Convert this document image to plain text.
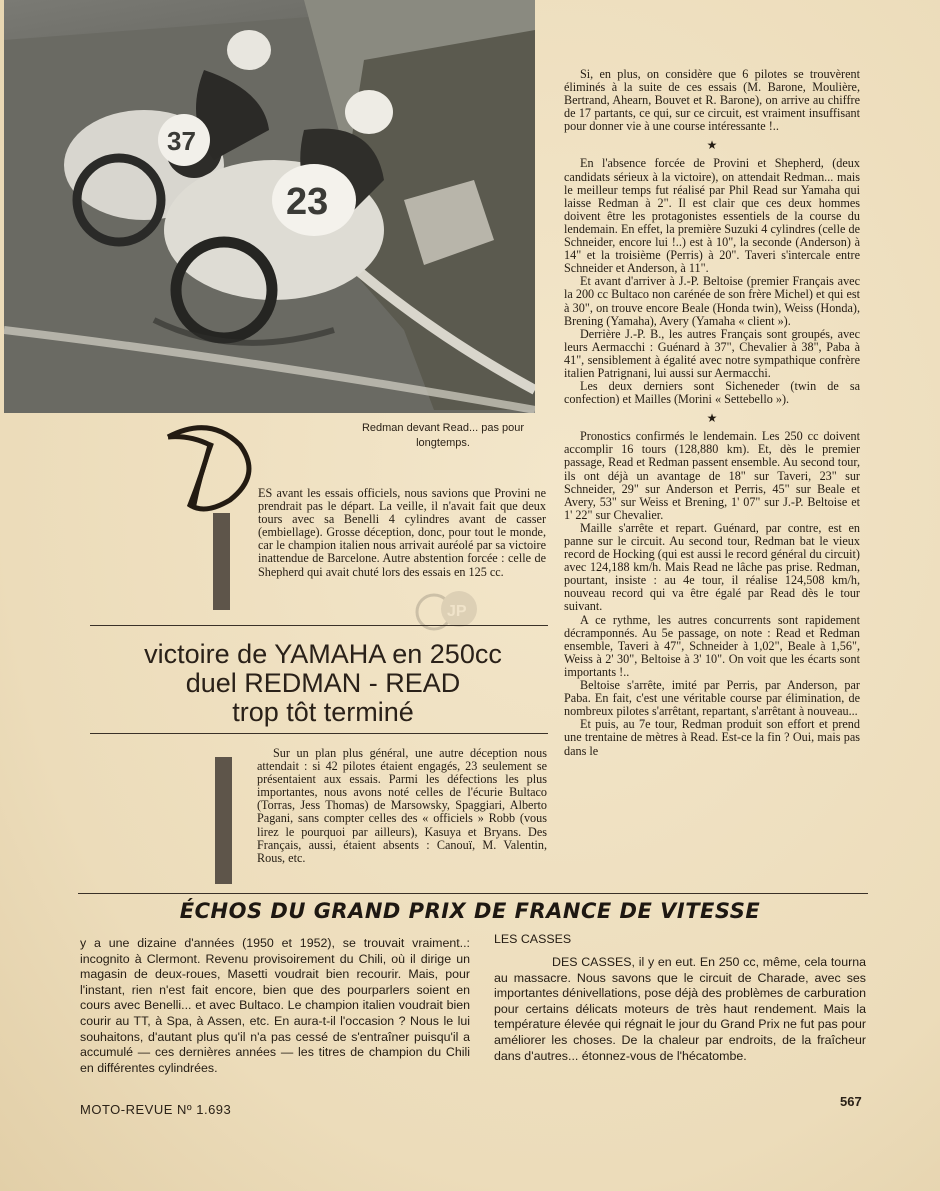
37
23
Redman devant Read... pas pour longtemps.
D

ES avant les essais officiels, nous savions que Provini ne prendrait pas le départ. La veille, il n'avait fait que deux tours avec sa Benelli 4 cylindres avant de casser (embiellage). Grosse déception, donc, pour tout le monde, car le champion italien nous arrivait auréolé par sa victoire inattendue de Barcelone. Autre abstention forcée : celle de Shepherd qui avait chuté lors des essais en 125 cc.

JP
victoire de YAMAHA en 250cc
duel REDMAN - READ
trop tôt terminé

Sur un plan plus général, une autre déception nous attendait : si 42 pilotes étaient engagés, 23 seulement se présentaient aux essais. Parmi les défections les plus importantes, nous avons noté celles de l'écurie Bultaco (Torras, Jess Thomas) de Marsowsky, Spaggiari, Alberto Pagani, sans compter celles des « officiels » Robb (vous lirez le pourquoi par ailleurs), Kasuya et Bryans. Des Français, aussi, étaient absents : Canouï, M. Valentin, Rous, etc.

Si, en plus, on considère que 6 pilotes se trouvèrent éliminés à la suite de ces essais (M. Barone, Moulière, Bertrand, Ahearn, Bouvet et R. Barone), on arrive au chiffre de 17 partants, ce qui, sur ce circuit, est vraiment insuffisant pour donner vie à une course intéressante !..

★

En l'absence forcée de Provini et Shepherd, (deux candidats sérieux à la victoire), on attendait Redman... mais le meilleur temps fut réalisé par Phil Read sur Yamaha qui laisse Redman à 2". Il est clair que ces deux hommes doivent être les protagonistes essentiels de la course du lendemain. En effet, la première Suzuki 4 cylindres (celle de Schneider, encore lui !..) est à 10", la seconde (Anderson) à 14" et la troisième (Perris) à 20". Taveri s'intercale entre Schneider et Anderson, à 11".

Et avant d'arriver à J.-P. Beltoise (premier Français avec la 200 cc Bultaco non carénée de son frère Michel) et qui est à 30", on trouve encore Beale (Honda twin), Weiss (Honda), Brening (Yamaha), Avery (Yamaha « client »).

Derrière J.-P. B., les autres Français sont groupés, avec leurs Aermacchi : Guénard à 37", Chevalier à 38", Paba à 41", sensiblement à égalité avec notre sympathique confrère italien Patrignani, lui aussi sur Aermacchi.

Les deux derniers sont Sicheneder (twin de sa confection) et Mailles (Morini « Settebello »).

★

Pronostics confirmés le lendemain. Les 250 cc doivent accomplir 16 tours (128,880 km). Et, dès le premier passage, Read et Redman passent ensemble. Au second tour, ils ont déjà un avantage de 18" sur Taveri, 23" sur Schneider, 29" sur Anderson et Perris, 45" sur Beale et Avery, 53" sur Weiss et Brening, 1' 07" sur J.-P. Beltoise et 1' 22" sur Chevalier.

Maille s'arrête et repart. Guénard, par contre, est en panne sur le circuit. Au second tour, Redman bat le vieux record de Hocking (qui est aussi le record général du circuit) avec 124,188 km/h. Mais Read ne lâche pas prise. Redman, pourtant, insiste : au 4e tour, il réalise 124,508 km/h, nouveau record qui va être égalé par Read dès le tour suivant.

A ce rythme, les autres concurrents sont rapidement décramponnés. Au 5e passage, on note : Read et Redman ensemble, Taveri à 47", Schneider à 1,02", Beale à 1,56", Weiss à 2' 30", Beltoise à 3' 10". On voit que les écarts sont importants !..

Beltoise s'arrête, imité par Perris, par Anderson, par Paba. En fait, c'est une véritable course par élimination, de nombreux pilotes s'arrêtant, repartant, s'arrêtant à nouveau...

Et puis, au 7e tour, Redman produit son effort et prend une trentaine de mètres à Read. Est-ce la fin ? Oui, mais pas dans le

ÉCHOS DU GRAND PRIX DE FRANCE DE VITESSE

y a une dizaine d'années (1950 et 1952), se trouvait vraiment..: incognito à Clermont. Revenu provisoirement du Chili, où il dirige un magasin de deux-roues, Masetti voudrait bien recourir. Mais, pour l'instant, rien n'est fait encore, bien que des pourparlers soient en cours avec Benelli... et avec Bultaco. Le champion italien voudrait bien courir au TT, à Spa, à Assen, etc. En aura-t-il l'occasion ? Nous le lui souhaitons, d'autant plus qu'il n'a pas cessé de s'entraîner puisqu'il a accumulé — ces dernières années — les titres de champion du Chili en différentes cylindrées.

LES CASSES

DES CASSES, il y en eut. En 250 cc, même, cela tourna au massacre. Nous savons que le circuit de Charade, avec ses importantes dénivellations, pose déjà des problèmes de carburation pour certains délicats moteurs de très haut rendement. Mais la température élevée qui régnait le jour du Grand Prix ne fut pas pour améliorer les choses. De la chaleur par endroits, de la fraîcheur dans d'autres... étonnez-vous de l'hécatombe.

MOTO-REVUE Nº 1.693
567
